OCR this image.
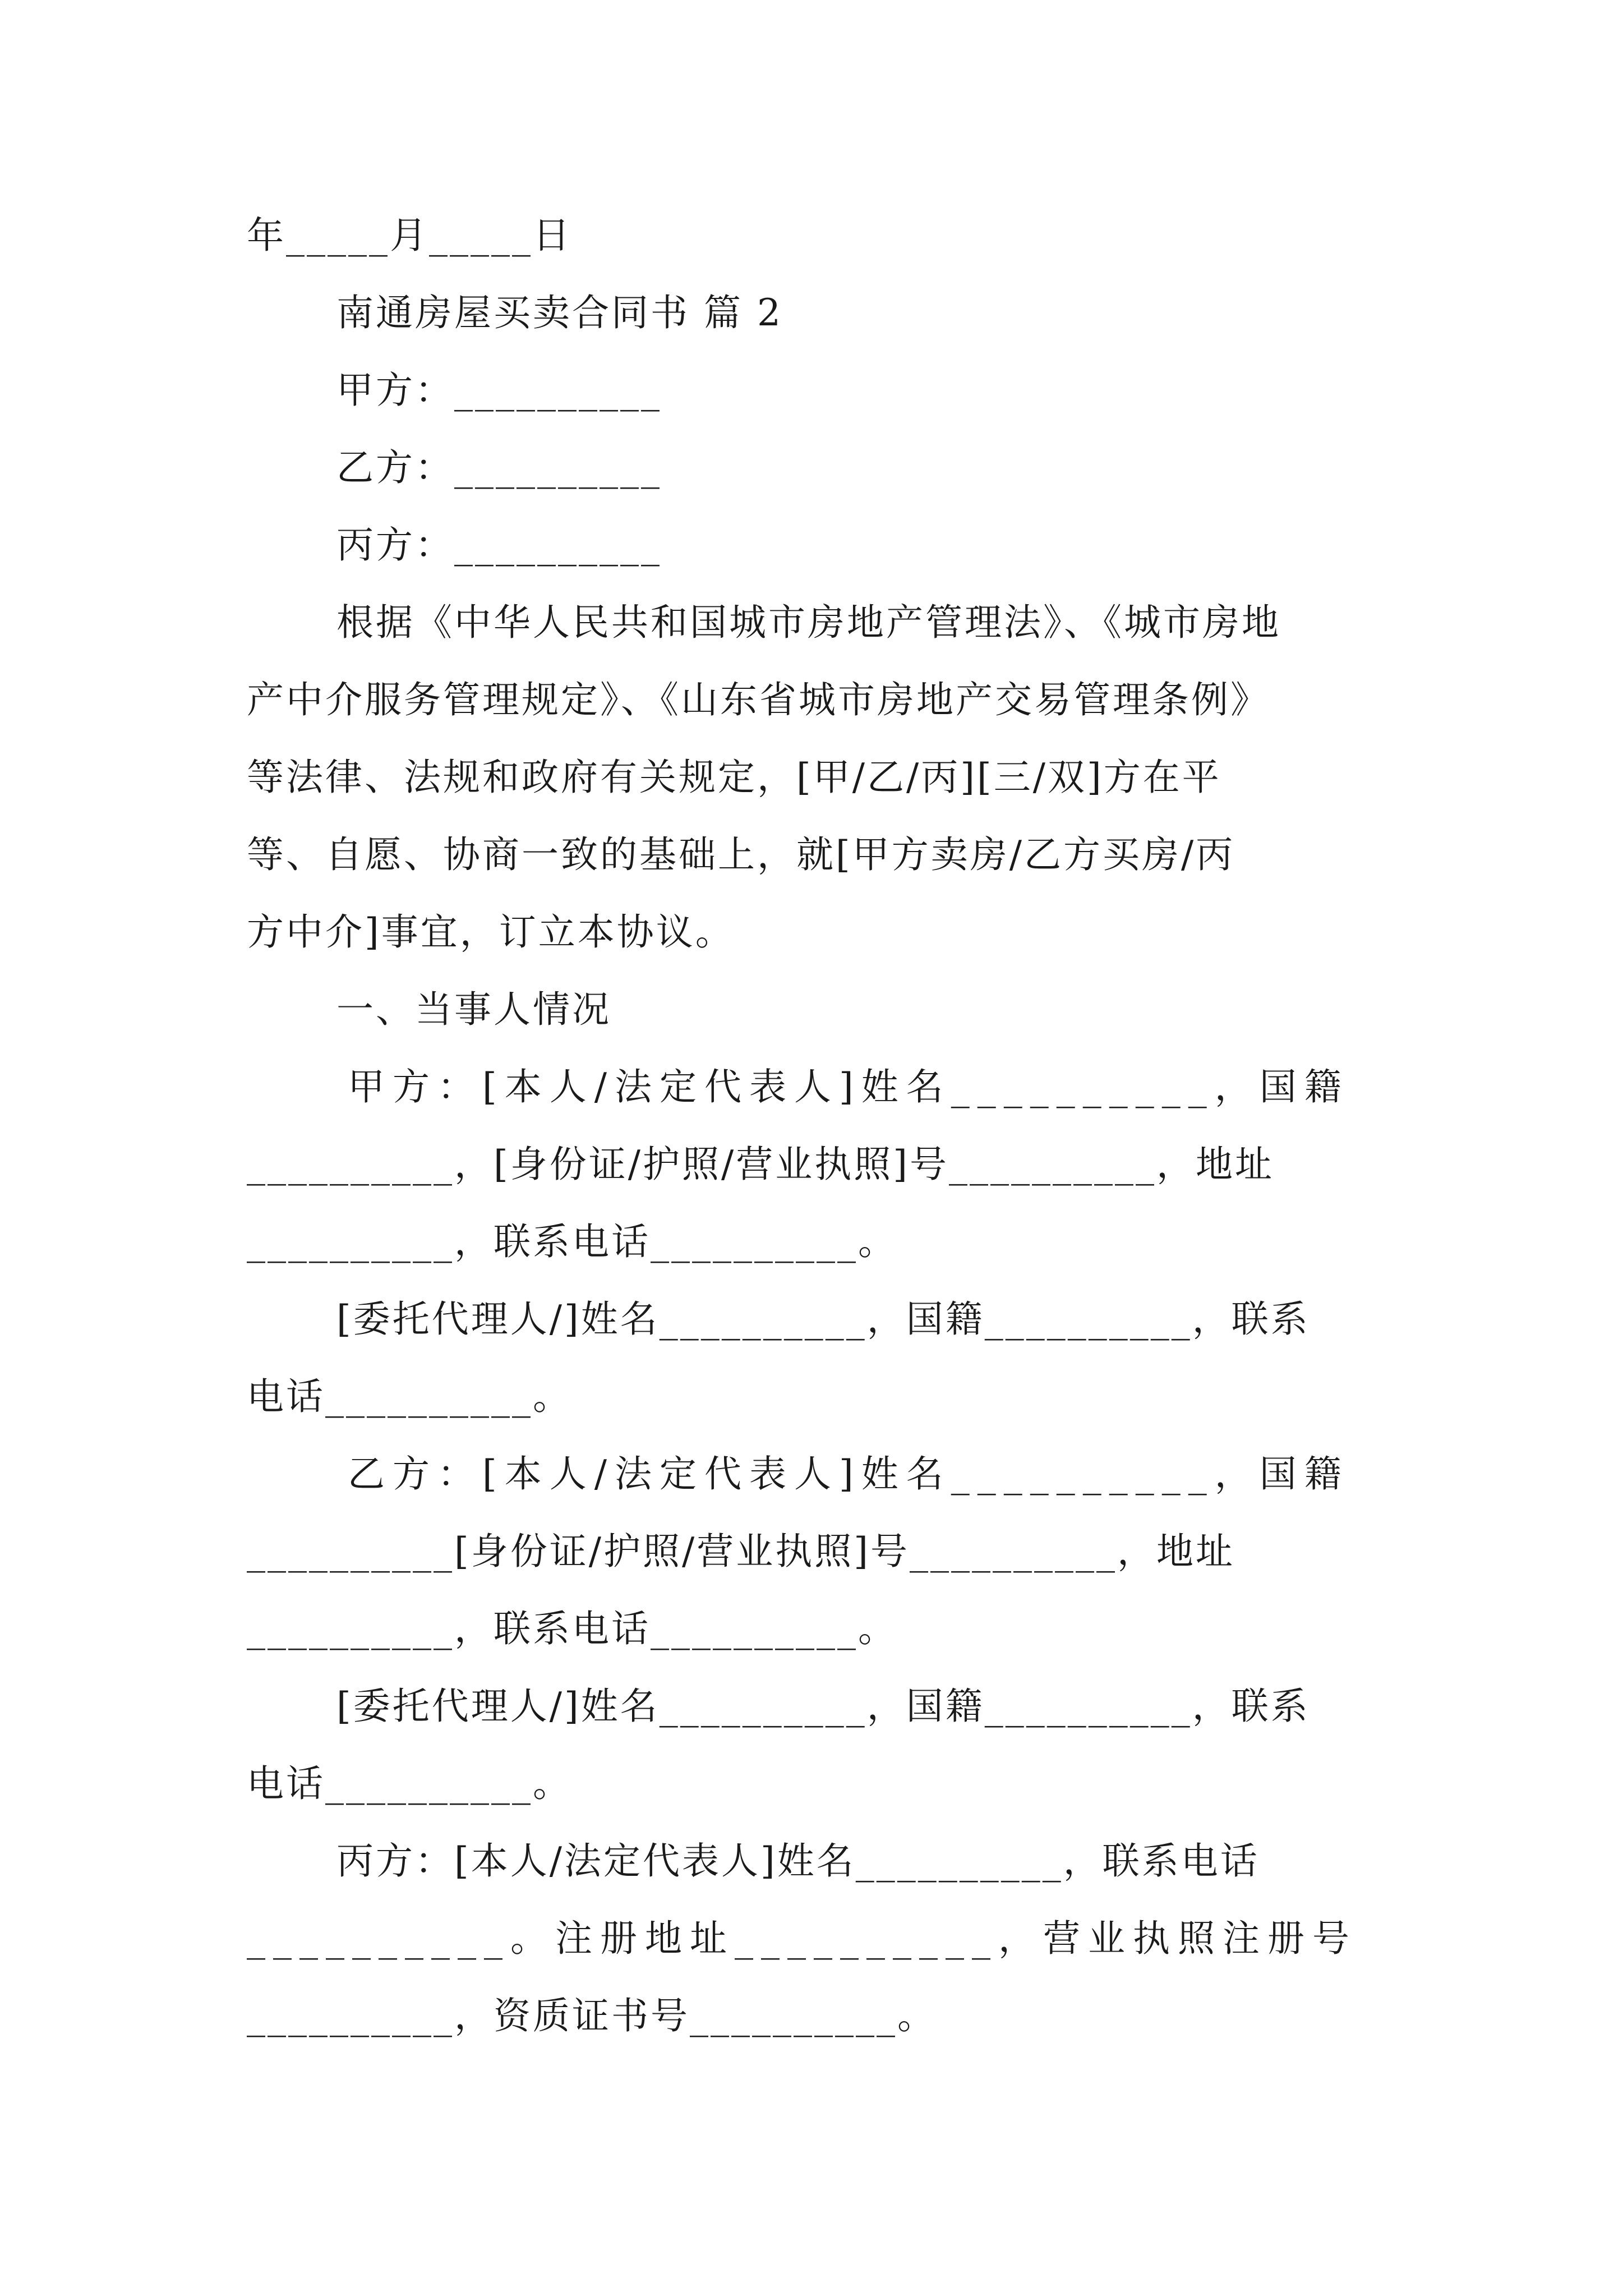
年_____月_____日
南通房屋买卖合同书 篇 2
甲方：__________
乙方：__________
丙方：__________
根据《中华人民共和国城市房地产管理法》、《城市房地
产中介服务管理规定》、《山东省城市房地产交易管理条例》
等法律、法规和政府有关规定，[甲/乙/丙][三/双]方在平
等、自愿、协商一致的基础上，就[甲方卖房/乙方买房/丙
方中介]事宜，订立本协议。
一、当事人情况
甲方：[本人/法定代表人]姓名__________，国籍
__________，[身份证/护照/营业执照]号__________，地址
__________，联系电话__________。
[委托代理人/]姓名__________，国籍__________，联系
电话__________。
乙方：[本人/法定代表人]姓名__________，国籍
__________[身份证/护照/营业执照]号__________，地址
__________，联系电话__________。
[委托代理人/]姓名__________，国籍__________，联系
电话__________。
丙方：[本人/法定代表人]姓名__________，联系电话
__________。注册地址__________，营业执照注册号
__________，资质证书号__________。
